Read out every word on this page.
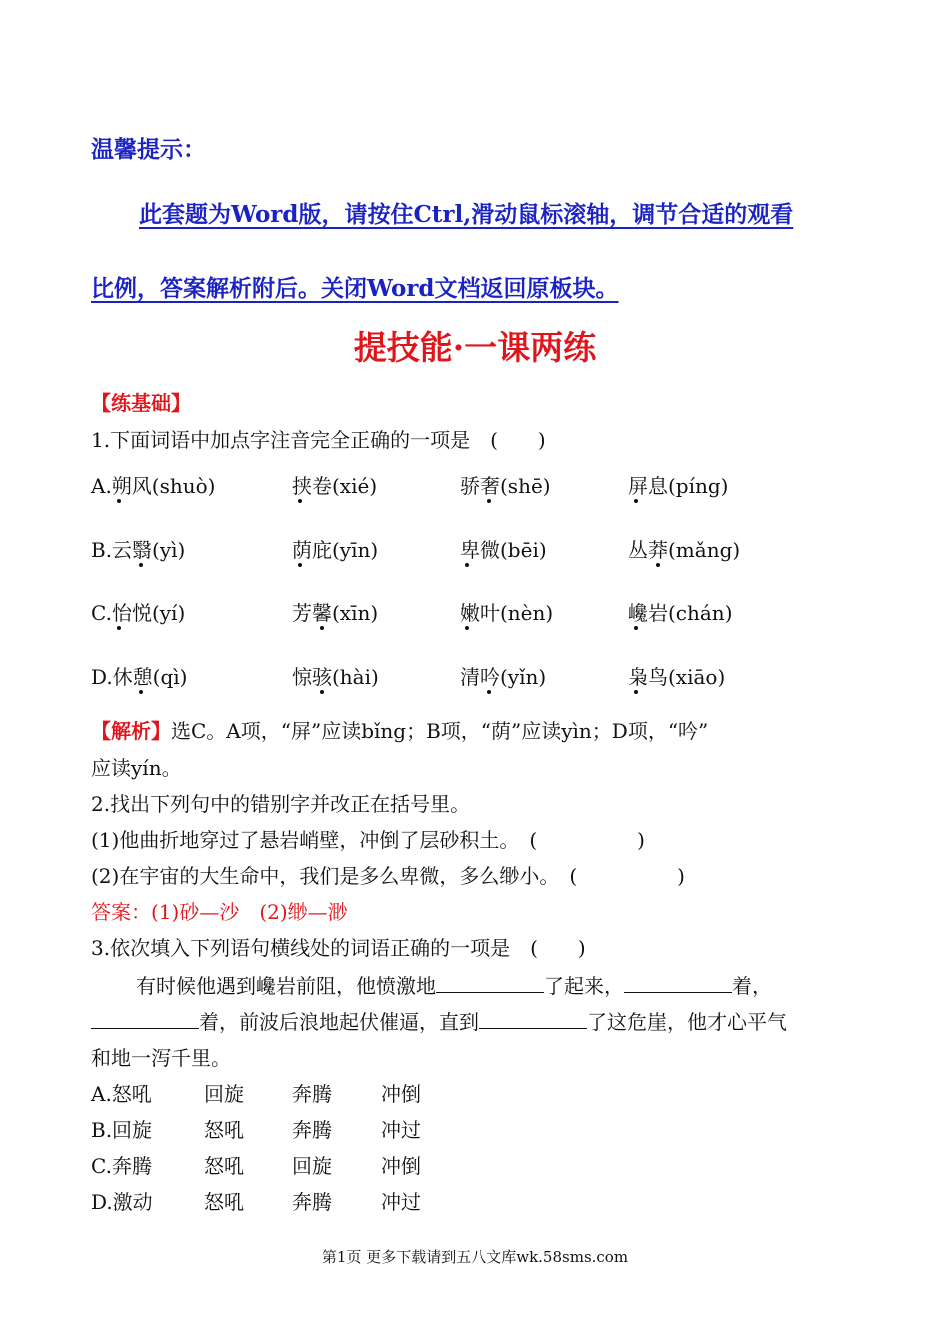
温馨提示：
此套题为Word版，请按住Ctrl,滑动鼠标滚轴，调节合适的观看
比例，答案解析附后。关闭Word文档返回原板块。
提技能·一课两练
【练基础】
1.下面词语中加点字注音完全正确的一项是　(　　)
A.朔风(shuò)	挟卷(xié)	骄奢(shē)	屏息(píng)
B.云翳(yì)	荫庇(yīn)	卑微(bēi)	丛莽(mǎng)
C.怡悦(yí)	芳馨(xīn)	嫩叶(nèn)	巉岩(chán)
D.休憩(qì)	惊骇(hài)	清吟(yǐn)	枭鸟(xiāo)
【解析】选C。A项，“屏”应读bǐng；B项，“荫”应读yìn；D项，“吟”
应读yín。
2.找出下列句中的错别字并改正在括号里。
(1)他曲折地穿过了悬岩峭壁，冲倒了层砂积土。　(　　　　　)
(2)在宇宙的大生命中，我们是多么卑微，多么缈小。　(　　　　　)
答案：(1)砂—沙　(2)缈—渺
3.依次填入下列语句横线处的词语正确的一项是　(　　)
有时候他遇到巉岩前阻，他愤激地	了起来，	着，
着，前波后浪地起伏催逼，直到	了这危崖，他才心平气
和地一泻千里。
A.怒吼	回旋 奔腾 冲倒
B.回旋	怒吼 奔腾 冲过
C.奔腾	怒吼 回旋 冲倒
D.激动	怒吼 奔腾 冲过
第1页 更多下载请到五八文库wk.58sms.com
